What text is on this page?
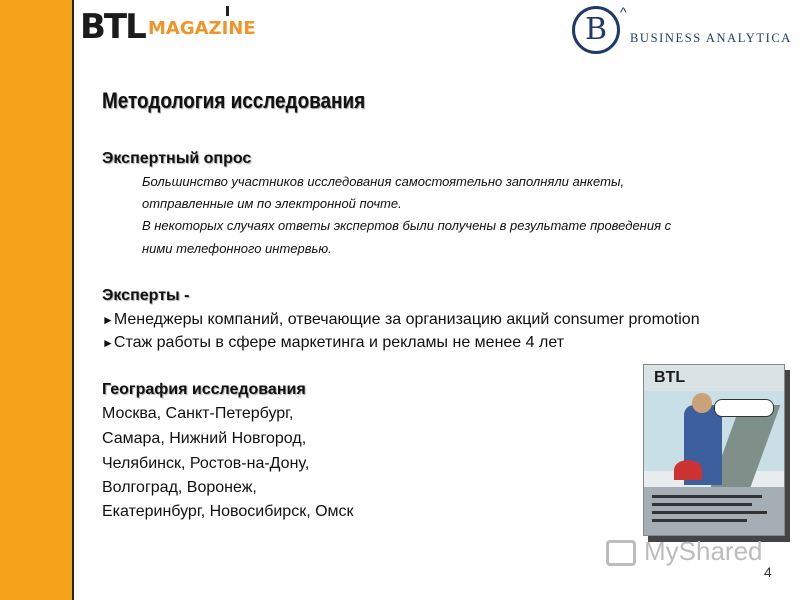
BTL MAGAZINE	B ^
BUSINESS ANALYTICA
Методология исследования
Экспертный опрос
Большинство участников исследования самостоятельно заполняли анкеты,
отправленные им по электронной почте.
В некоторых случаях ответы экспертов были получены в результате проведения с
ними телефонного интервью.
Эксперты -
►Менеджеры компаний, отвечающие за организацию акций consumer promotion
►Стаж работы в сфере маркетинга и рекламы не менее 4 лет
География исследования
Москва, Санкт-Петербург,
Самара, Нижний Новгород,
Челябинск, Ростов-на-Дону,
Волгоград, Воронеж,
Екатеринбург, Новосибирск, Омск
BTL
MyShared
4
